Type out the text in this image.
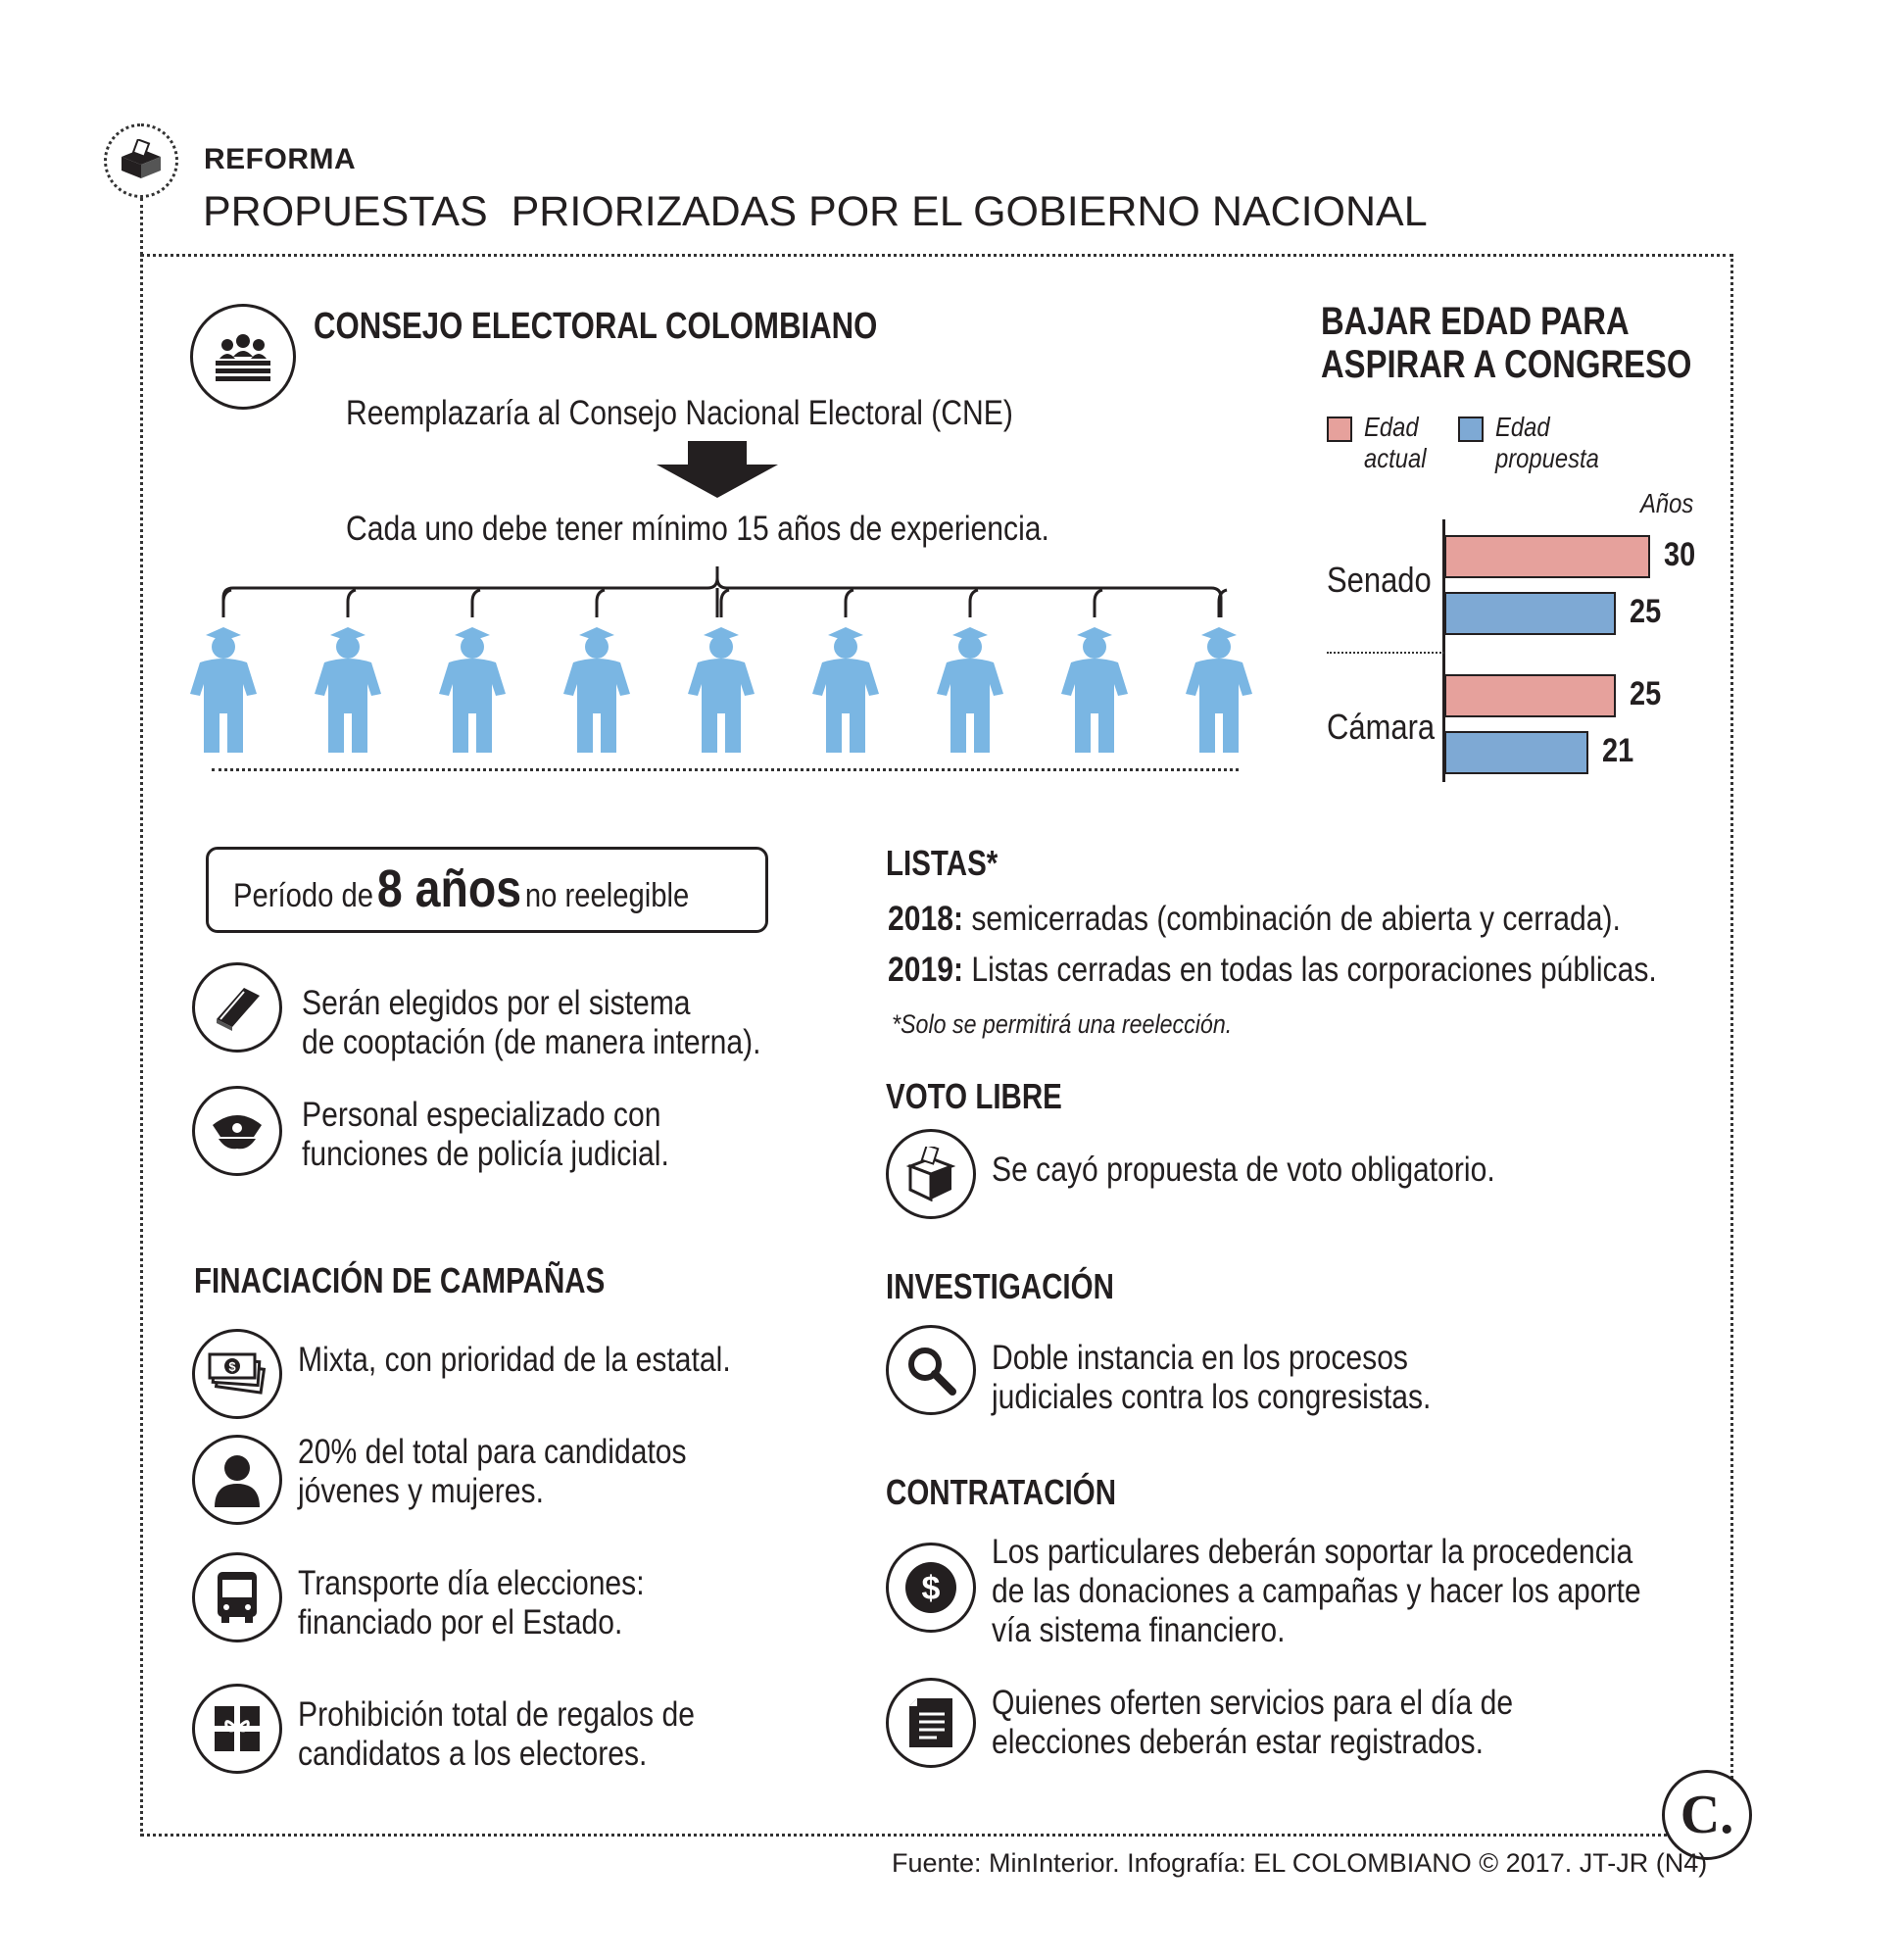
REFORMA
PROPUESTAS  PRIORIZADAS POR EL GOBIERNO NACIONAL
CONSEJO ELECTORAL COLOMBIANO
Reemplazaría al Consejo Nacional Electoral (CNE)
Cada uno debe tener mínimo 15 años de experiencia.
BAJAR EDAD PARA
ASPIRAR A CONGRESO
Edad
actual
Edad
propuesta
Años
Senado
Cámara
30
25
25
21
Período de 8 años no reelegible
Serán elegidos por el sistema
de cooptación (de manera interna).
Personal especializado con
funciones de policía judicial.
FINACIACIÓN DE CAMPAÑAS
$ Mixta, con prioridad de la estatal.
20% del total para candidatos
jóvenes y mujeres.
Transporte día elecciones:
financiado por el Estado.
Prohibición total de regalos de
candidatos a los electores.
LISTAS*
2018: semicerradas (combinación de abierta y cerrada).
2019: Listas cerradas en todas las corporaciones públicas.
*Solo se permitirá una reelección.
VOTO LIBRE
Se cayó propuesta de voto obligatorio.
INVESTIGACIÓN
Doble instancia en los procesos
judiciales contra los congresistas.
CONTRATACIÓN
$
Los particulares deberán soportar la procedencia
de las donaciones a campañas y hacer los aporte
vía sistema financiero.
Quienes oferten servicios para el día de
elecciones deberán estar registrados.
C.
Fuente: MinInterior. Infografía: EL COLOMBIANO © 2017. JT-JR (N4)
